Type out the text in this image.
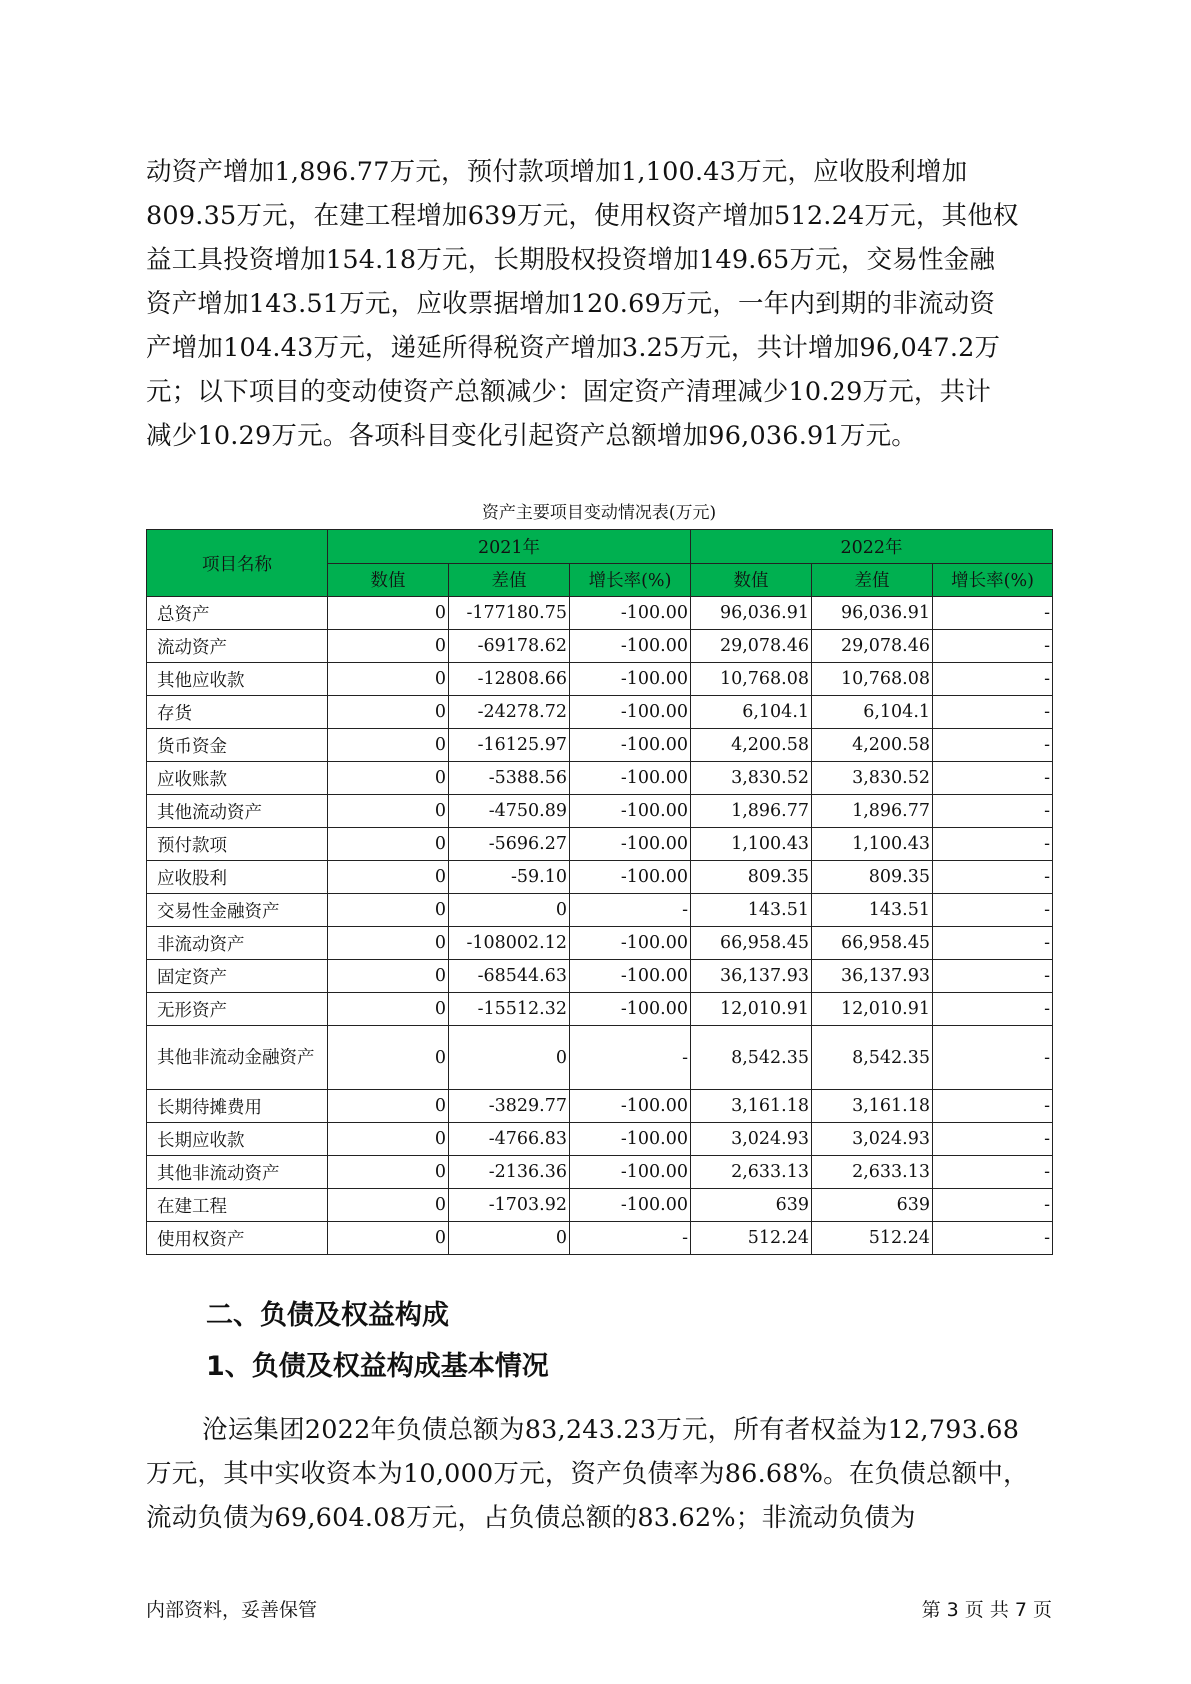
动资产增加1,896.77万元，预付款项增加1,100.43万元，应收股利增加
809.35万元，在建工程增加639万元，使用权资产增加512.24万元，其他权
益工具投资增加154.18万元，长期股权投资增加149.65万元，交易性金融
资产增加143.51万元，应收票据增加120.69万元，一年内到期的非流动资
产增加104.43万元，递延所得税资产增加3.25万元，共计增加96,047.2万
元；以下项目的变动使资产总额减少：固定资产清理减少10.29万元，共计
减少10.29万元。各项科目变化引起资产总额增加96,036.91万元。
资产主要项目变动情况表(万元)
项目名称	2021年			2022年		
	数值	差值	增长率(%)	数值	差值	增长率(%)
总资产	0	-177180.75	-100.00	96,036.91	96,036.91	-
流动资产	0	-69178.62	-100.00	29,078.46	29,078.46	-
其他应收款	0	-12808.66	-100.00	10,768.08	10,768.08	-
存货	0	-24278.72	-100.00	6,104.1	6,104.1	-
货币资金	0	-16125.97	-100.00	4,200.58	4,200.58	-
应收账款	0	-5388.56	-100.00	3,830.52	3,830.52	-
其他流动资产	0	-4750.89	-100.00	1,896.77	1,896.77	-
预付款项	0	-5696.27	-100.00	1,100.43	1,100.43	-
应收股利	0	-59.10	-100.00	809.35	809.35	-
交易性金融资产	0	0	-	143.51	143.51	-
非流动资产	0	-108002.12	-100.00	66,958.45	66,958.45	-
固定资产	0	-68544.63	-100.00	36,137.93	36,137.93	-
无形资产	0	-15512.32	-100.00	12,010.91	12,010.91	-
其他非流动金融资产	0	0	-	8,542.35	8,542.35	-
长期待摊费用	0	-3829.77	-100.00	3,161.18	3,161.18	-
长期应收款	0	-4766.83	-100.00	3,024.93	3,024.93	-
其他非流动资产	0	-2136.36	-100.00	2,633.13	2,633.13	-
在建工程	0	-1703.92	-100.00	639	639	-
使用权资产	0	0	-	512.24	512.24	-
二、负债及权益构成
1、负债及权益构成基本情况
沧运集团2022年负债总额为83,243.23万元，所有者权益为12,793.68
万元，其中实收资本为10,000万元，资产负债率为86.68%。在负债总额中，
流动负债为69,604.08万元，占负债总额的83.62%；非流动负债为
内部资料，妥善保管	第 3 页 共 7 页
